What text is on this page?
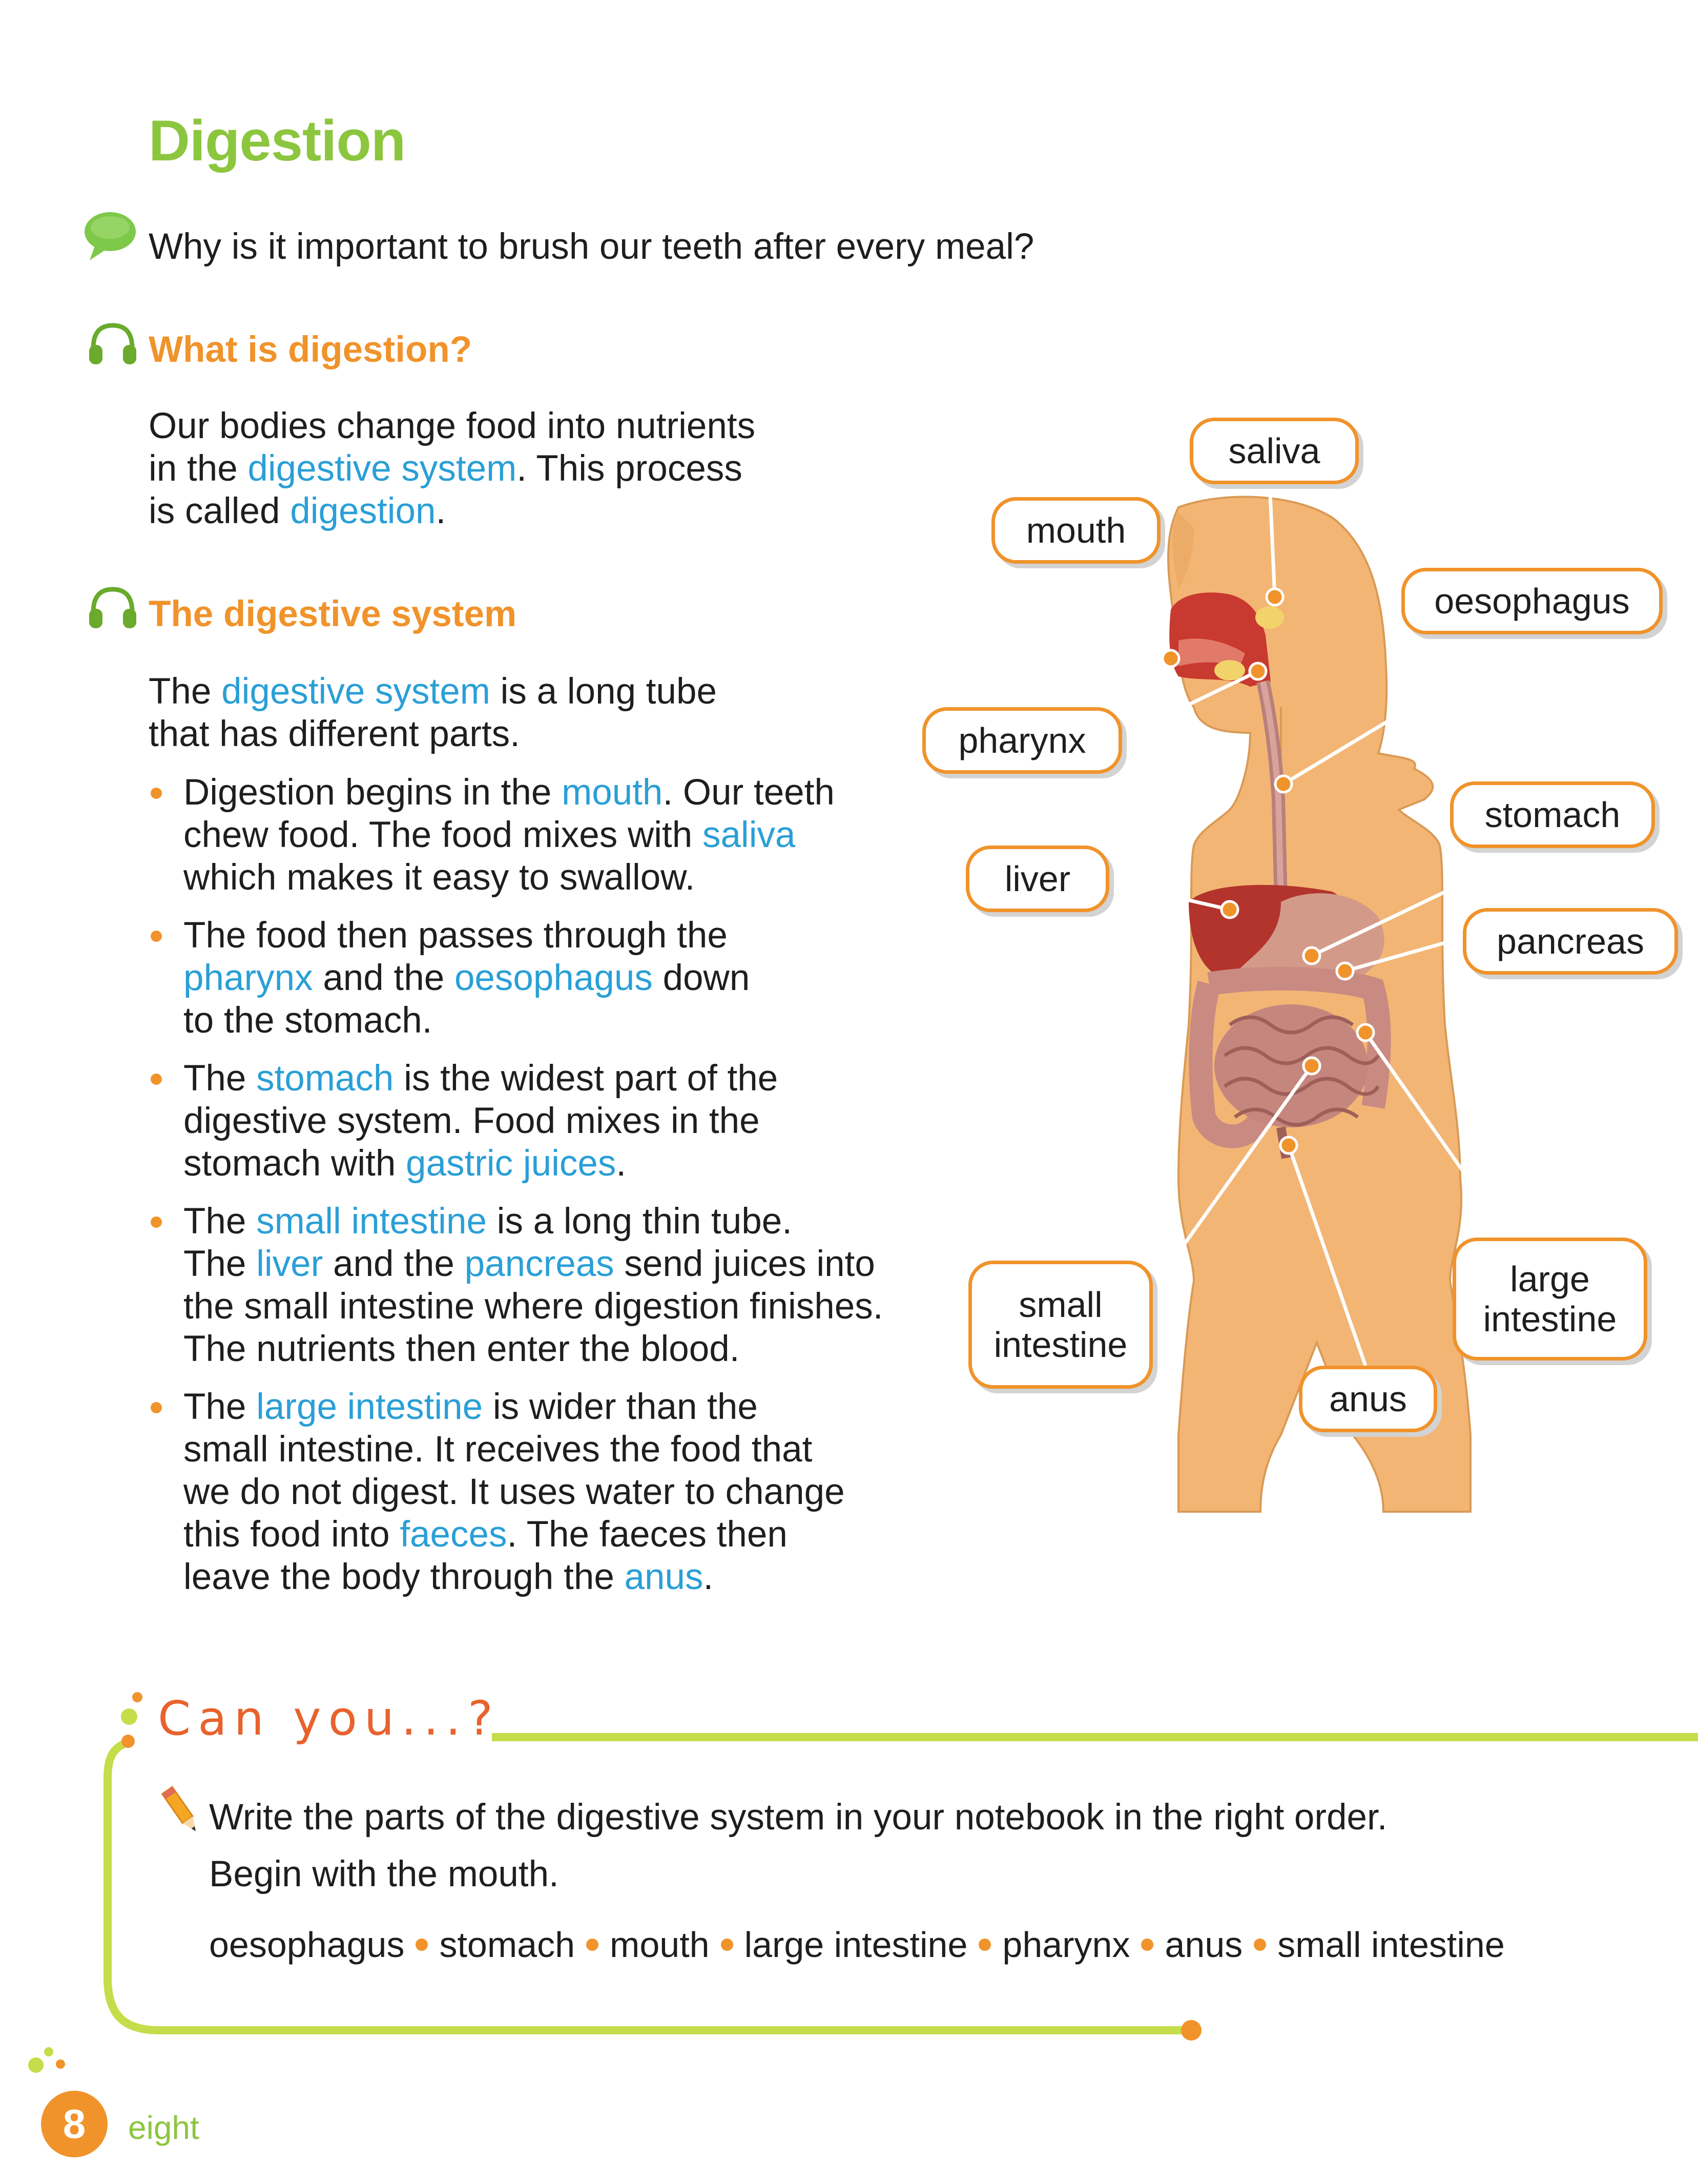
Digestion
Why is it important to brush our teeth after every meal?
What is digestion?
Our bodies change food into nutrients
in the digestive system. This process
is called digestion.
The digestive system
The digestive system is a long tube
that has different parts.
Digestion begins in the mouth. Our teeth
chew food. The food mixes with saliva
which makes it easy to swallow.
The food then passes through the
pharynx and the oesophagus down
to the stomach.
The stomach is the widest part of the
digestive system. Food mixes in the
stomach with gastric juices.
The small intestine is a long thin tube.
The liver and the pancreas send juices into
the small intestine where digestion finishes.
The nutrients then enter the blood.
The large intestine is wider than the
small intestine. It receives the food that
we do not digest. It uses water to change
this food into faeces. The faeces then
leave the body through the anus.
saliva
mouth
oesophagus
pharynx
stomach
liver
pancreas
small
intestine
large
intestine
anus
Can you...?
Write the parts of the digestive system in your notebook in the right order.
Begin with the mouth.
oesophagus stomach mouth large intestine pharynx anus small intestine
8	eight
